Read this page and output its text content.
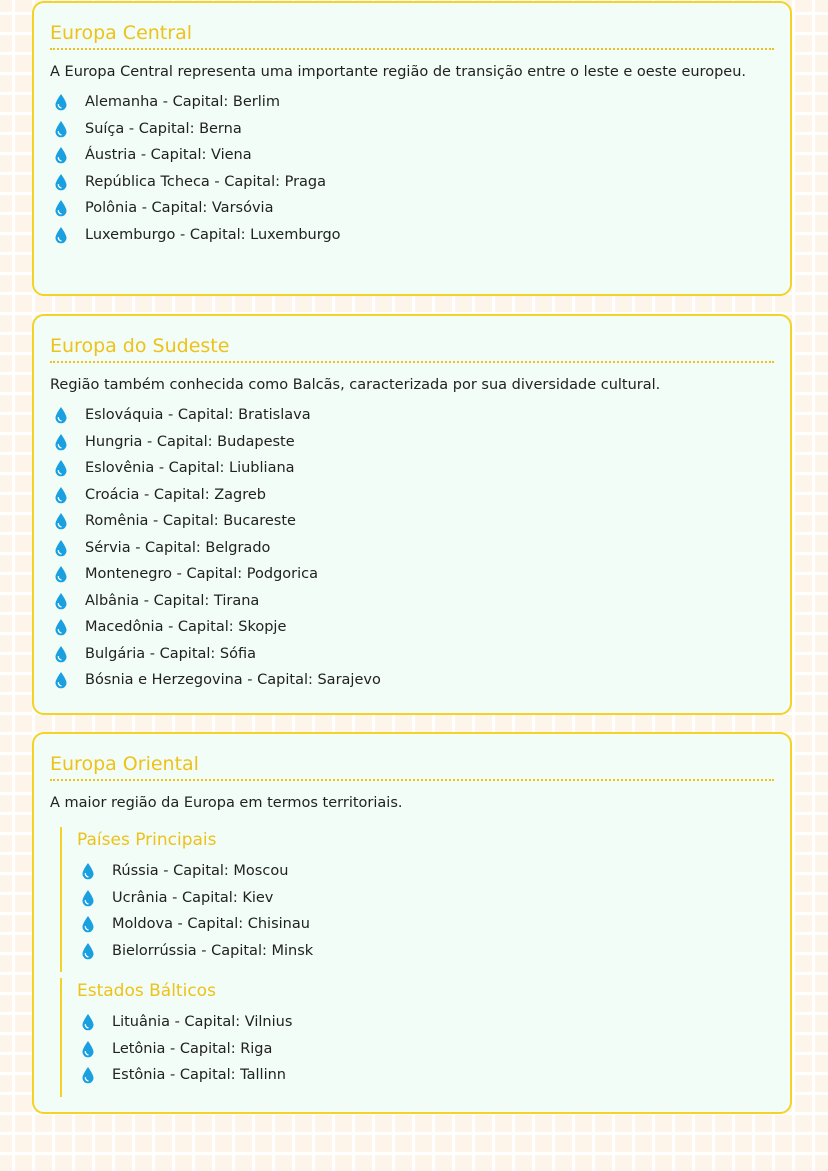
Europa Central

A Europa Central representa uma importante região de transição entre o leste e oeste europeu.

Alemanha - Capital: Berlim
Suíça - Capital: Berna
Áustria - Capital: Viena
República Tcheca - Capital: Praga
Polônia - Capital: Varsóvia
Luxemburgo - Capital: Luxemburgo
Europa do Sudeste

Região também conhecida como Balcãs, caracterizada por sua diversidade cultural.

Eslováquia - Capital: Bratislava
Hungria - Capital: Budapeste
Eslovênia - Capital: Liubliana
Croácia - Capital: Zagreb
Romênia - Capital: Bucareste
Sérvia - Capital: Belgrado
Montenegro - Capital: Podgorica
Albânia - Capital: Tirana
Macedônia - Capital: Skopje
Bulgária - Capital: Sófia
Bósnia e Herzegovina - Capital: Sarajevo
Europa Oriental

A maior região da Europa em termos territoriais.

Países Principais
Rússia - Capital: Moscou
Ucrânia - Capital: Kiev
Moldova - Capital: Chisinau
Bielorrússia - Capital: Minsk
Estados Bálticos
Lituânia - Capital: Vilnius
Letônia - Capital: Riga
Estônia - Capital: Tallinn
